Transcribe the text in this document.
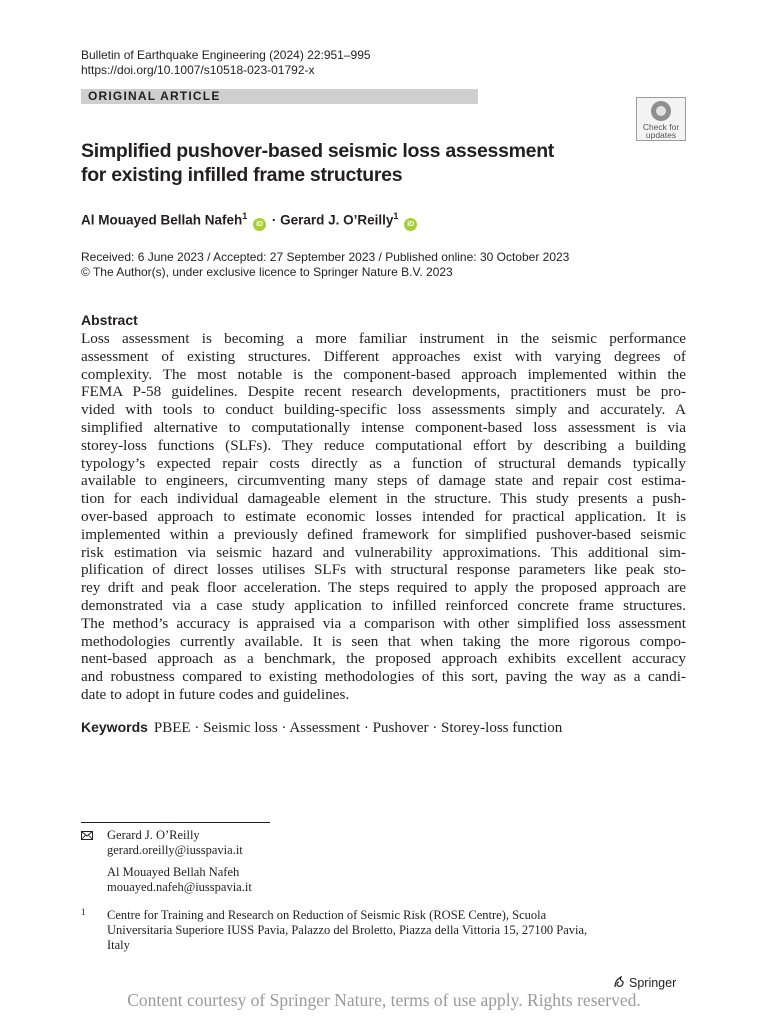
Bulletin of Earthquake Engineering (2024) 22:951–995
https://doi.org/10.1007/s10518-023-01792-x
ORIGINAL ARTICLE
Check for
updates
Simplified pushover-based seismic loss assessment
for existing infilled frame structures
Al Mouayed Bellah Nafeh$^1$ iD · Gerard J. O’Reilly$^1$ iD
Received: 6 June 2023 / Accepted: 27 September 2023 / Published online: 30 October 2023
© The Author(s), under exclusive licence to Springer Nature B.V. 2023
Abstract
Loss assessment is becoming a more familiar instrument in the seismic performance
assessment of existing structures. Different approaches exist with varying degrees of
complexity. The most notable is the component-based approach implemented within the
FEMA P-58 guidelines. Despite recent research developments, practitioners must be pro-
vided with tools to conduct building-specific loss assessments simply and accurately. A
simplified alternative to computationally intense component-based loss assessment is via
storey-loss functions (SLFs). They reduce computational effort by describing a building
typology’s expected repair costs directly as a function of structural demands typically
available to engineers, circumventing many steps of damage state and repair cost estima-
tion for each individual damageable element in the structure. This study presents a push-
over-based approach to estimate economic losses intended for practical application. It is
implemented within a previously defined framework for simplified pushover-based seismic
risk estimation via seismic hazard and vulnerability approximations. This additional sim-
plification of direct losses utilises SLFs with structural response parameters like peak sto-
rey drift and peak floor acceleration. The steps required to apply the proposed approach are
demonstrated via a case study application to infilled reinforced concrete frame structures.
The method’s accuracy is appraised via a comparison with other simplified loss assessment
methodologies currently available. It is seen that when taking the more rigorous compo-
nent-based approach as a benchmark, the proposed approach exhibits excellent accuracy
and robustness compared to existing methodologies of this sort, paving the way as a candi-
date to adopt in future codes and guidelines.
Keywords PBEE · Seismic loss · Assessment · Pushover · Storey-loss function
Gerard J. O’Reilly
gerard.oreilly@iusspavia.it
Al Mouayed Bellah Nafeh
mouayed.nafeh@iusspavia.it
1 Centre for Training and Research on Reduction of Seismic Risk (ROSE Centre), Scuola
Universitaria Superiore IUSS Pavia, Palazzo del Broletto, Piazza della Vittoria 15, 27100 Pavia,
Italy
Springer
Content courtesy of Springer Nature, terms of use apply. Rights reserved.
